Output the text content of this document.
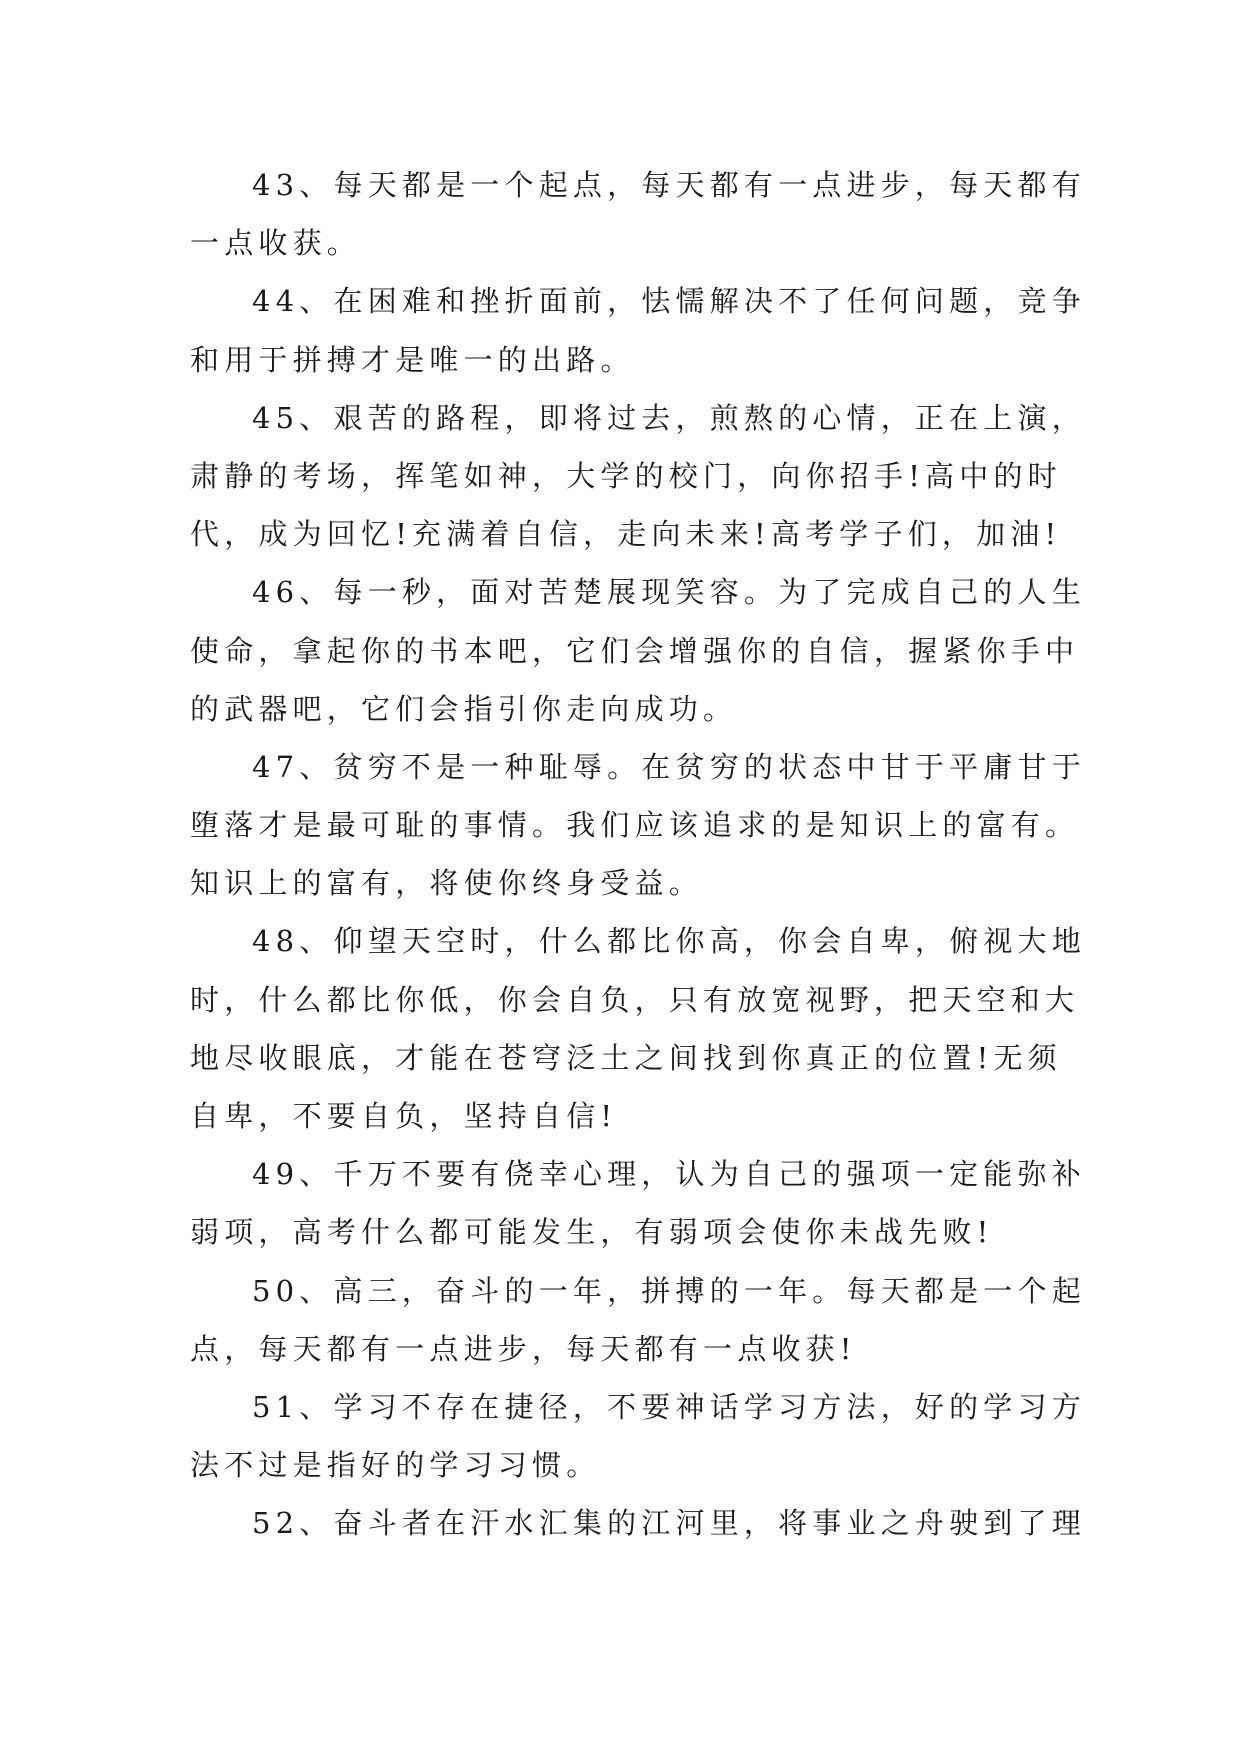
43、每天都是一个起点，每天都有一点进步，每天都有
一点收获。
44、在困难和挫折面前，怯懦解决不了任何问题，竞争
和用于拼搏才是唯一的出路。
45、艰苦的路程，即将过去，煎熬的心情，正在上演，
肃静的考场，挥笔如神，大学的校门，向你招手!高中的时
代，成为回忆!充满着自信，走向未来!高考学子们，加油!
46、每一秒，面对苦楚展现笑容。为了完成自己的人生
使命，拿起你的书本吧，它们会增强你的自信，握紧你手中
的武器吧，它们会指引你走向成功。
47、贫穷不是一种耻辱。在贫穷的状态中甘于平庸甘于
堕落才是最可耻的事情。我们应该追求的是知识上的富有。
知识上的富有，将使你终身受益。
48、仰望天空时，什么都比你高，你会自卑，俯视大地
时，什么都比你低，你会自负，只有放宽视野，把天空和大
地尽收眼底，才能在苍穹泛土之间找到你真正的位置!无须
自卑，不要自负，坚持自信!
49、千万不要有侥幸心理，认为自己的强项一定能弥补
弱项，高考什么都可能发生，有弱项会使你未战先败!
50、高三，奋斗的一年，拼搏的一年。每天都是一个起
点，每天都有一点进步，每天都有一点收获!
51、学习不存在捷径，不要神话学习方法，好的学习方
法不过是指好的学习习惯。
52、奋斗者在汗水汇集的江河里，将事业之舟驶到了理
